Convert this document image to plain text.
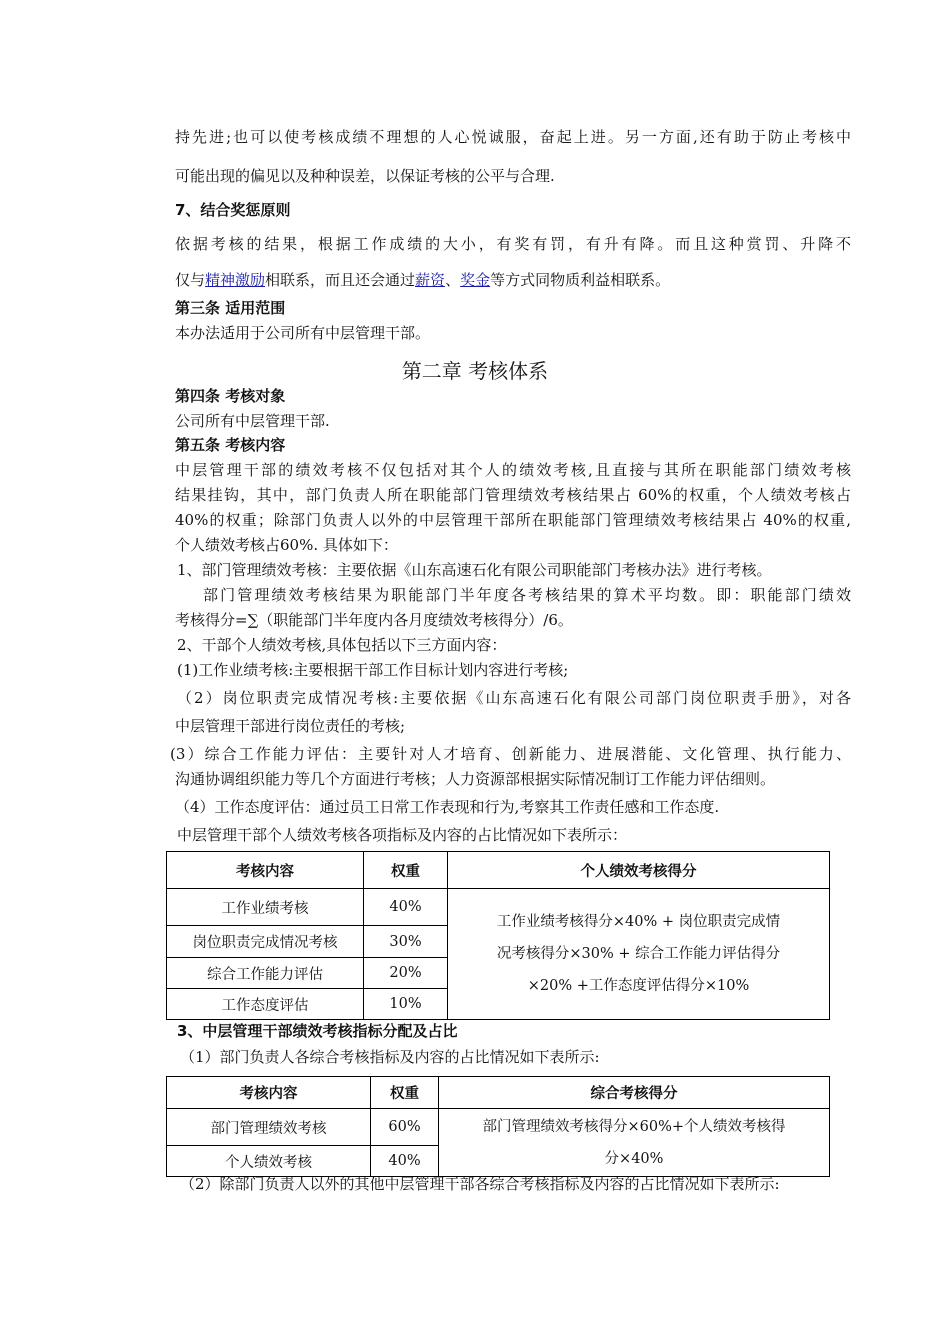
持先进;也可以使考核成绩不理想的人心悦诚服，奋起上进。另一方面,还有助于防止考核中
可能出现的偏见以及种种误差，以保证考核的公平与合理.
7、结合奖惩原则
依据考核的结果，根据工作成绩的大小，有奖有罚，有升有降。而且这种赏罚、升降不
仅与精神激励相联系，而且还会通过薪资、奖金等方式同物质利益相联系。
第三条 适用范围
本办法适用于公司所有中层管理干部。
第二章 考核体系
第四条 考核对象
公司所有中层管理干部.
第五条 考核内容
中层管理干部的绩效考核不仅包括对其个人的绩效考核,且直接与其所在职能部门绩效考核
结果挂钩，其中，部门负责人所在职能部门管理绩效考核结果占 60%的权重，个人绩效考核占
40%的权重；除部门负责人以外的中层管理干部所在职能部门管理绩效考核结果占 40%的权重,
个人绩效考核占60%. 具体如下：
1、部门管理绩效考核：主要依据《山东高速石化有限公司职能部门考核办法》进行考核。
部门管理绩效考核结果为职能部门半年度各考核结果的算术平均数。即：职能部门绩效
考核得分=∑（职能部门半年度内各月度绩效考核得分）/6。
2、干部个人绩效考核,具体包括以下三方面内容：
(1)工作业绩考核:主要根据干部工作目标计划内容进行考核;
（2）岗位职责完成情况考核:主要依据《山东高速石化有限公司部门岗位职责手册》，对各
中层管理干部进行岗位责任的考核;
(3）综合工作能力评估：主要针对人才培育、创新能力、进展潜能、文化管理、执行能力、
沟通协调组织能力等几个方面进行考核；人力资源部根据实际情况制订工作能力评估细则。
（4）工作态度评估：通过员工日常工作表现和行为,考察其工作责任感和工作态度.
中层管理干部个人绩效考核各项指标及内容的占比情况如下表所示：
考核内容	权重	个人绩效考核得分
工作业绩考核	40%	工作业绩考核得分×40% + 岗位职责完成情
况考核得分×30% + 综合工作能力评估得分
×20% +工作态度评估得分×10%

岗位职责完成情况考核	30%	
综合工作能力评估	20%	
工作态度评估	10%	
3、中层管理干部绩效考核指标分配及占比
（1）部门负责人各综合考核指标及内容的占比情况如下表所示:
考核内容	权重	综合考核得分
部门管理绩效考核	60%	部门管理绩效考核得分×60%+个人绩效考核得
分×40%

个人绩效考核	40%	
（2）除部门负责人以外的其他中层管理干部各综合考核指标及内容的占比情况如下表所示:
